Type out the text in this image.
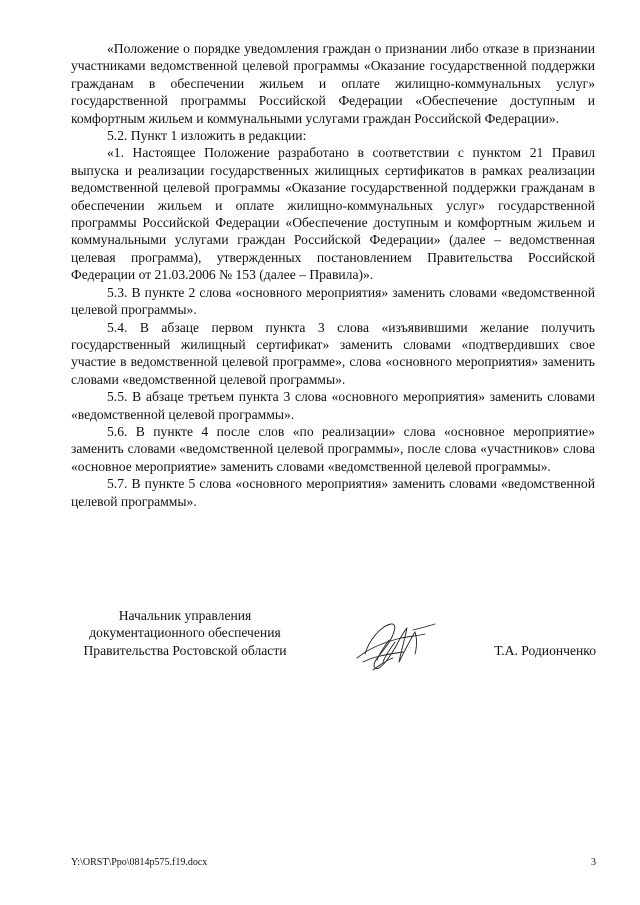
«Положение о порядке уведомления граждан о признании либо отказе в признании участниками ведомственной целевой программы «Оказание государственной поддержки гражданам в обеспечении жильем и оплате жилищно-коммунальных услуг» государственной программы Российской Федерации «Обеспечение доступным и комфортным жильем и коммунальными услугами граждан Российской Федерации».

5.2. Пункт 1 изложить в редакции:

«1. Настоящее Положение разработано в соответствии с пунктом 21 Правил выпуска и реализации государственных жилищных сертификатов в рамках реализации ведомственной целевой программы «Оказание государственной поддержки гражданам в обеспечении жильем и оплате жилищно-коммунальных услуг» государственной программы Российской Федерации «Обеспечение доступным и комфортным жильем и коммунальными услугами граждан Российской Федерации» (далее – ведомственная целевая программа), утвержденных постановлением Правительства Российской Федерации от 21.03.2006 № 153 (далее – Правила)».

5.3. В пункте 2 слова «основного мероприятия» заменить словами «ведомственной целевой программы».

5.4. В абзаце первом пункта 3 слова «изъявившими желание получить государственный жилищный сертификат» заменить словами «подтвердивших свое участие в ведомственной целевой программе», слова «основного мероприятия» заменить словами «ведомственной целевой программы».

5.5. В абзаце третьем пункта 3 слова «основного мероприятия» заменить словами «ведомственной целевой программы».

5.6. В пункте 4 после слов «по реализации» слова «основное мероприятие» заменить словами «ведомственной целевой программы», после слова «участников» слова «основное мероприятие» заменить словами «ведомственной целевой программы».

5.7. В пункте 5 слова «основного мероприятия» заменить словами «ведомственной целевой программы».

Начальник управления
документационного обеспечения
Правительства Ростовской области	Т.А. Родионченко
Y:\ORST\Ppo\0814p575.f19.docx	3
